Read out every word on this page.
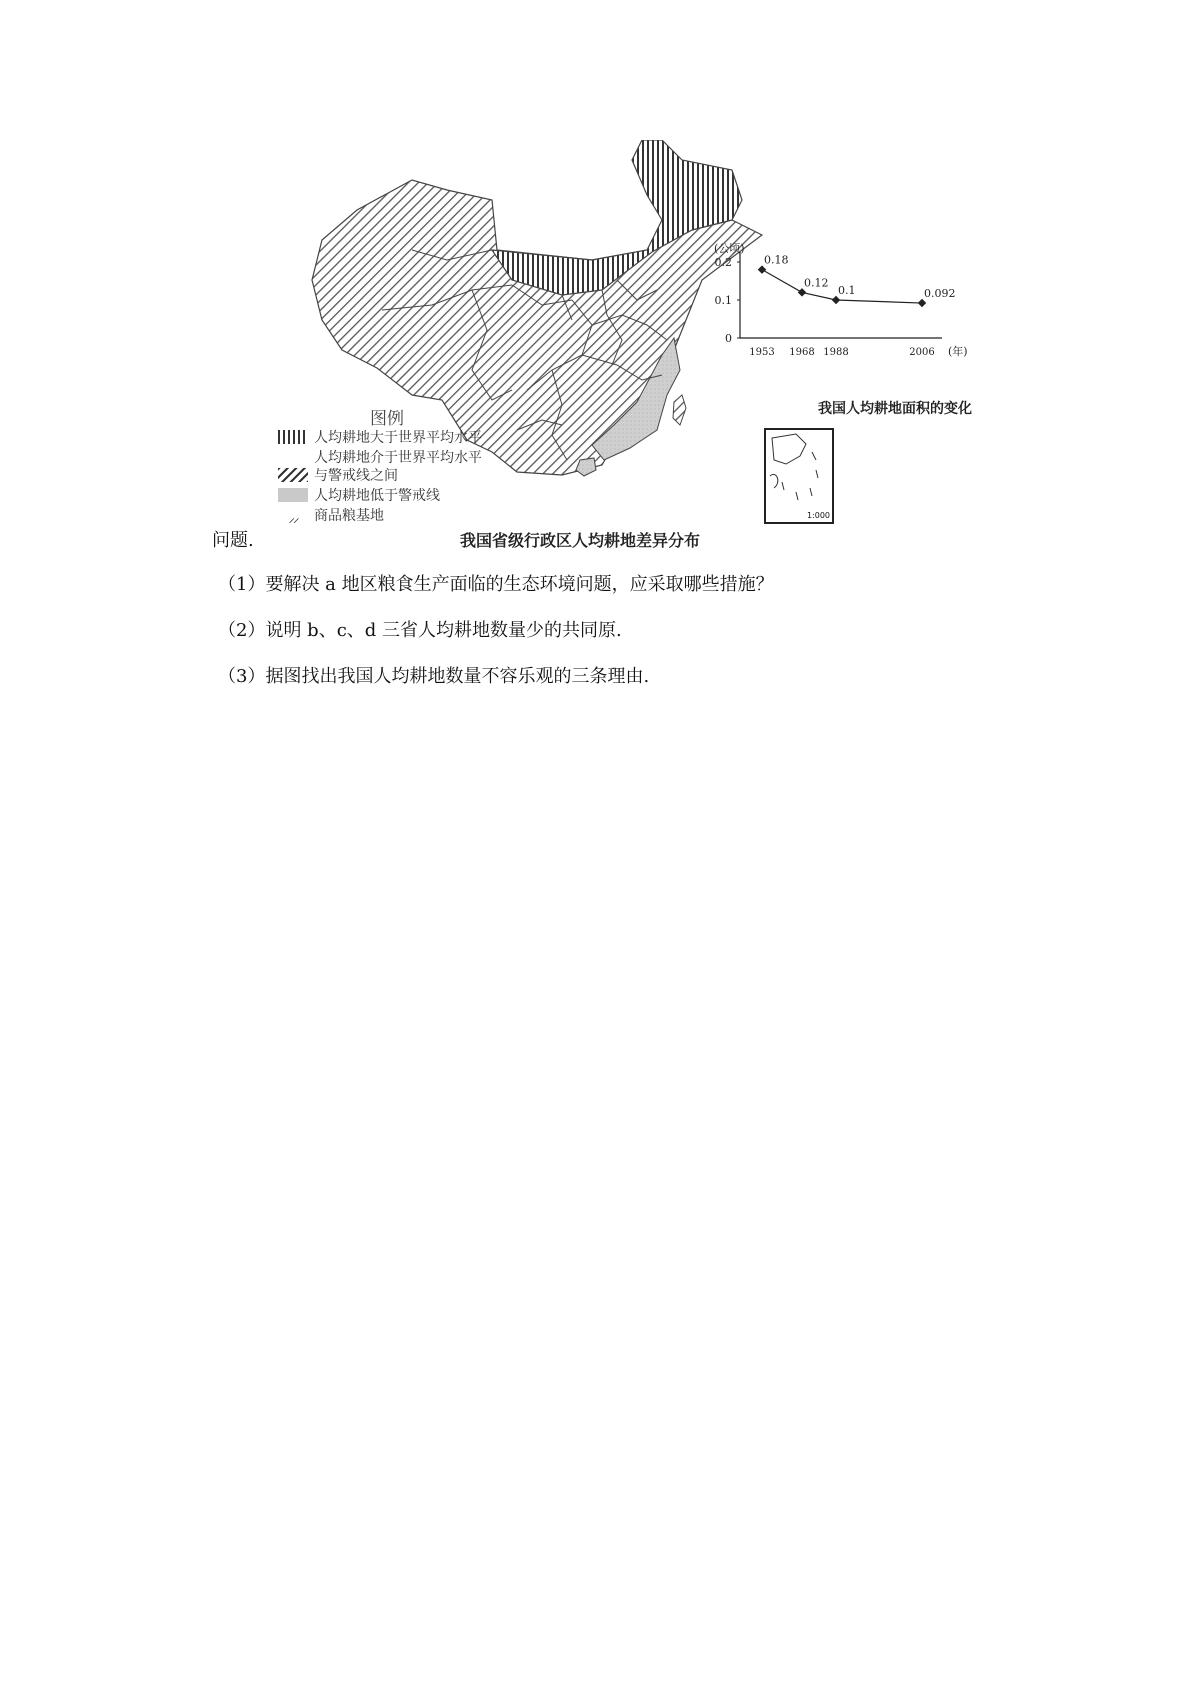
(公顷)
0
0.1
0.2
1953 1968 1988	2006
0.18
0.12
0.1	0.092
(年)
我国人均耕地面积的变化
1:000
图例
人均耕地大于世界平均水平
人均耕地介于世界平均水平
与警戒线之间
人均耕地低于警戒线
⸝⸝	商品粮基地
问题.	我国省级行政区人均耕地差异分布
（1）要解决 a 地区粮食生产面临的生态环境问题，应采取哪些措施？
（2）说明 b、c、d 三省人均耕地数量少的共同原.
（3）据图找出我国人均耕地数量不容乐观的三条理由.
